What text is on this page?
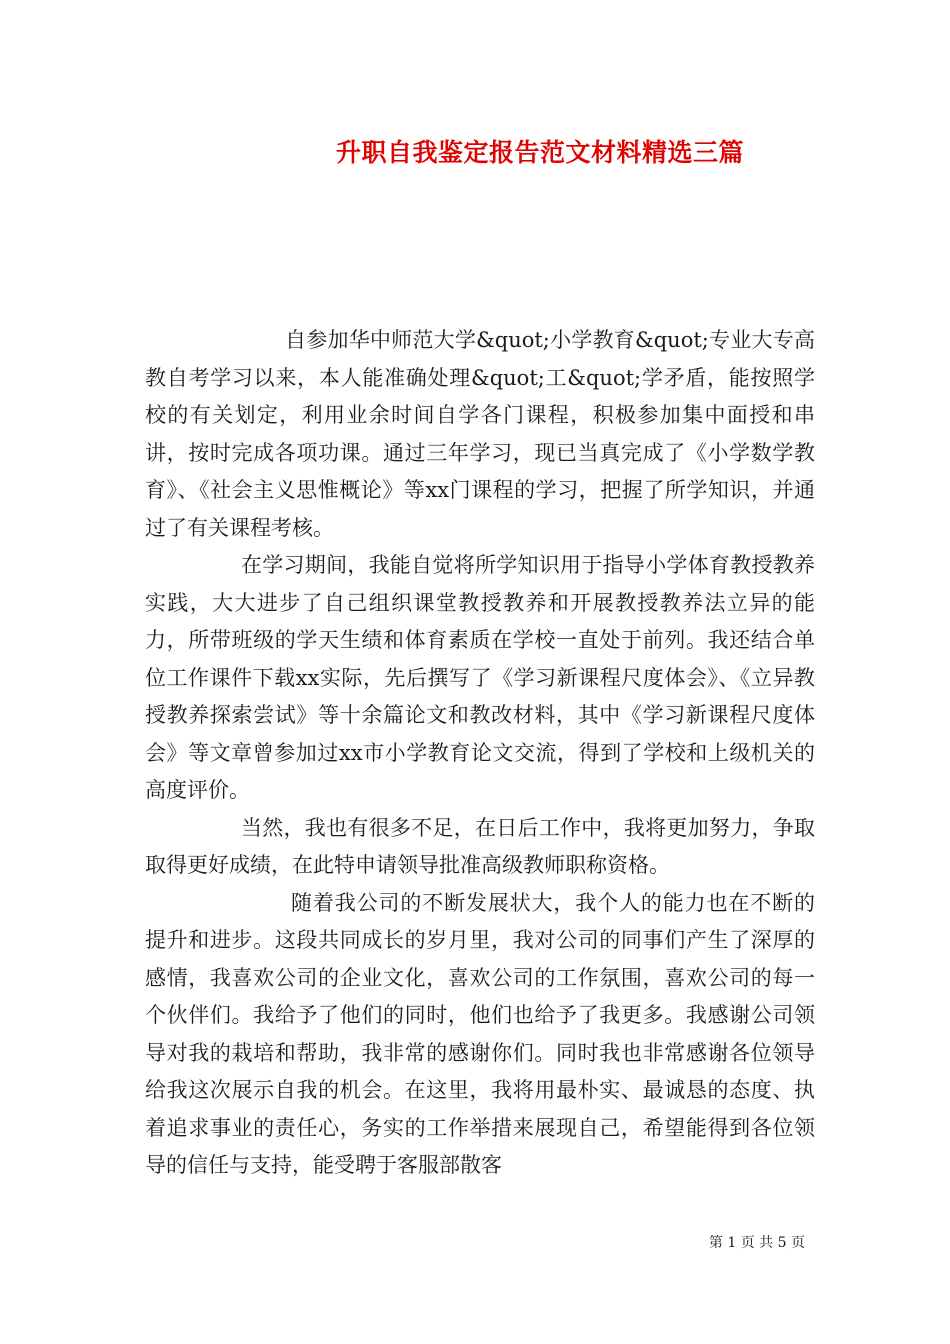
升职自我鉴定报告范文材料精选三篇

自参加华中师范大学&quot;小学教育&quot;专业大专高教自考学习以来，本人能准确处理&quot;工&quot;学矛盾，能按照学校的有关划定，利用业余时间自学各门课程，积极参加集中面授和串讲，按时完成各项功课。通过三年学习，现已当真完成了《小学数学教育》、《社会主义思惟概论》等xx门课程的学习，把握了所学知识，并通过了有关课程考核。

在学习期间，我能自觉将所学知识用于指导小学体育教授教养实践，大大进步了自己组织课堂教授教养和开展教授教养法立异的能力，所带班级的学天生绩和体育素质在学校一直处于前列。我还结合单位工作课件下载xx实际，先后撰写了《学习新课程尺度体会》、《立异教授教养探索尝试》等十余篇论文和教改材料，其中《学习新课程尺度体会》等文章曾参加过xx市小学教育论文交流，得到了学校和上级机关的高度评价。

当然，我也有很多不足，在日后工作中，我将更加努力，争取取得更好成绩，在此特申请领导批准高级教师职称资格。

随着我公司的不断发展状大，我个人的能力也在不断的提升和进步。这段共同成长的岁月里，我对公司的同事们产生了深厚的感情，我喜欢公司的企业文化，喜欢公司的工作氛围，喜欢公司的每一个伙伴们。我给予了他们的同时，他们也给予了我更多。我感谢公司领导对我的栽培和帮助，我非常的感谢你们。同时我也非常感谢各位领导给我这次展示自我的机会。在这里，我将用最朴实、最诚恳的态度、执着追求事业的责任心，务实的工作举措来展现自己，希望能得到各位领导的信任与支持，能受聘于客服部散客

第 1 页 共 5 页
